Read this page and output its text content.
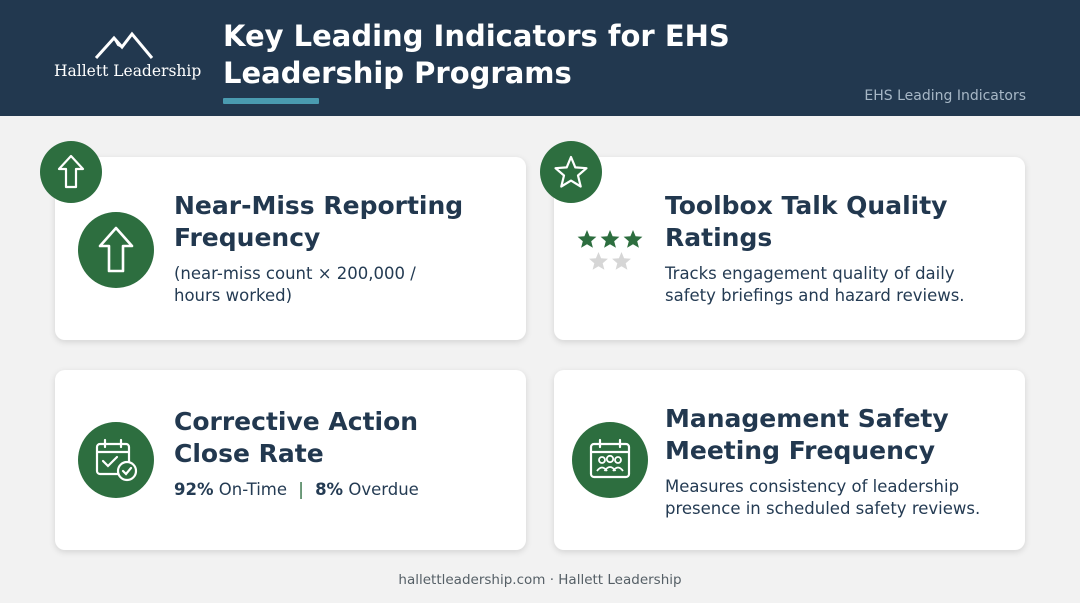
Hallett Leadership
Key Leading Indicators for EHS
Leadership Programs
EHS Leading Indicators
Near-Miss Reporting
Frequency
(near-miss count × 200,000 /
hours worked)
Toolbox Talk Quality
Ratings
Tracks engagement quality of daily
safety briefings and hazard reviews.
Corrective Action
Close Rate
92% On-Time | 8% Overdue
Management Safety
Meeting Frequency
Measures consistency of leadership
presence in scheduled safety reviews.
hallettleadership.com · Hallett Leadership
